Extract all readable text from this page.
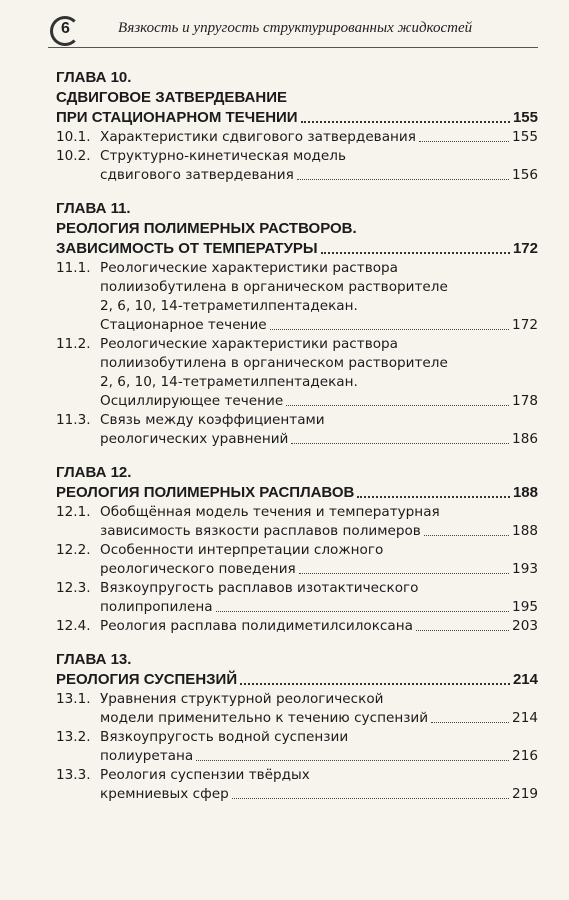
6	Вязкость и упругость структурированных жидкостей
ГЛАВА 10.
СДВИГОВОЕ ЗАТВЕРДЕВАНИЕ
ПРИ СТАЦИОНАРНОМ ТЕЧЕНИИ	155
10.1. Характеристики сдвигового затвердевания	155
10.2. Структурно-кинетическая модель
сдвигового затвердевания	156
ГЛАВА 11.
РЕОЛОГИЯ ПОЛИМЕРНЫХ РАСТВОРОВ.
ЗАВИСИМОСТЬ ОТ ТЕМПЕРАТУРЫ	172
11.1. Реологические характеристики раствора
полиизобутилена в органическом растворителе
2, 6, 10, 14-тетраметилпентадекан.
Стационарное течение	172
11.2. Реологические характеристики раствора
полиизобутилена в органическом растворителе
2, 6, 10, 14-тетраметилпентадекан.
Осциллирующее течение	178
11.3. Связь между коэффициентами
реологических уравнений	186
ГЛАВА 12.
РЕОЛОГИЯ ПОЛИМЕРНЫХ РАСПЛАВОВ	188
12.1. Обобщённая модель течения и температурная
зависимость вязкости расплавов полимеров	188
12.2. Особенности интерпретации сложного
реологического поведения	193
12.3. Вязкоупругость расплавов изотактического
полипропилена	195
12.4. Реология расплава полидиметилсилоксана	203
ГЛАВА 13.
РЕОЛОГИЯ СУСПЕНЗИЙ	214
13.1. Уравнения структурной реологической
модели применительно к течению суспензий	214
13.2. Вязкоупругость водной суспензии
полиуретана	216
13.3. Реология суспензии твёрдых
кремниевых сфер	219
